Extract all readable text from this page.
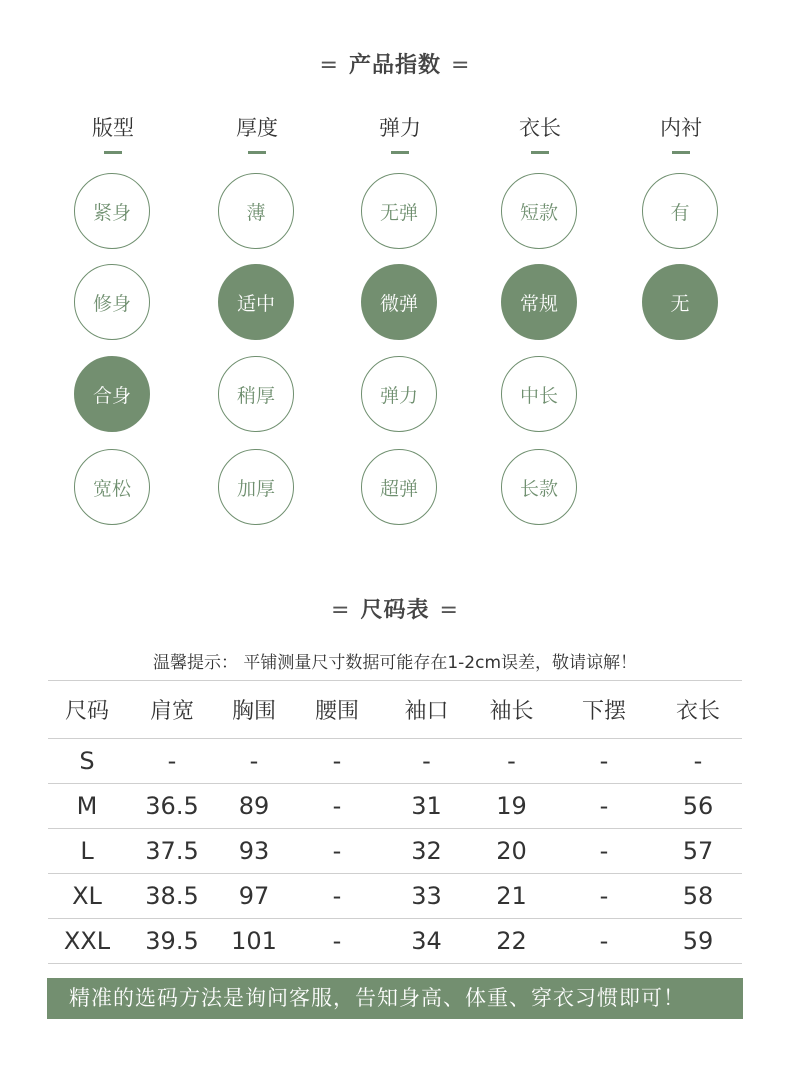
= 产品指数 =
版型
紧身
修身
合身
宽松
厚度
薄
适中
稍厚
加厚
弹力
无弹
微弹
弹力
超弹
衣长
短款
常规
中长
长款
内衬
有
无
= 尺码表 =
温馨提示： 平铺测量尺寸数据可能存在1-2cm误差，敬请谅解！
尺码	肩宽	胸围	腰围	袖口	袖长	下摆	衣长
S	-	-	-	-	-	-	-
M	36.5	89	-	31	19	-	56
L	37.5	93	-	32	20	-	57
XL	38.5	97	-	33	21	-	58
XXL	39.5	101	-	34	22	-	59
精准的选码方法是询问客服，告知身高、体重、穿衣习惯即可！
